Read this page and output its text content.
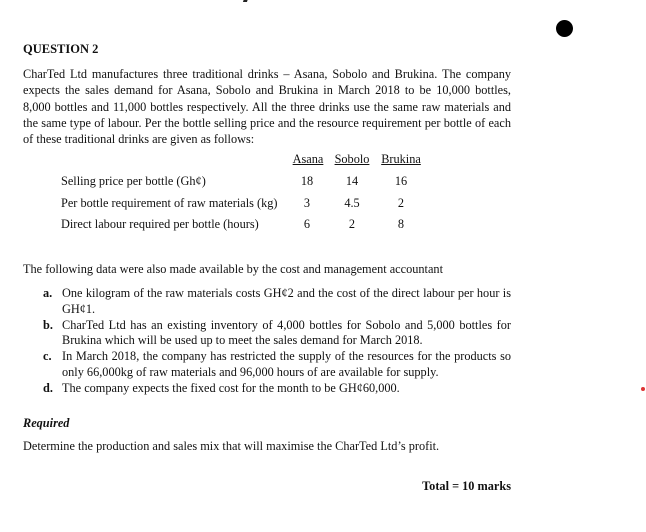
QUESTION 2
CharTed Ltd manufactures three traditional drinks – Asana, Sobolo and Brukina. The company expects the sales demand for Asana, Sobolo and Brukina in March 2018 to be 10,000 bottles, 8,000 bottles and 11,000 bottles respectively. All the three drinks use the same raw materials and the same type of labour. Per the bottle selling price and the resource requirement per bottle of each of these traditional drinks are given as follows:
Asana Sobolo Brukina
Selling price per bottle (Gh¢)	18	14	16
Per bottle requirement of raw materials (kg)	3	4.5	2
Direct labour required per bottle (hours)	6	2	8
The following data were also made available by the cost and management accountant
a. One kilogram of the raw materials costs GH¢2 and the cost of the direct labour per hour is GH¢1.
b. CharTed Ltd has an existing inventory of 4,000 bottles for Sobolo and 5,000 bottles for Brukina which will be used up to meet the sales demand for March 2018.
c. In March 2018, the company has restricted the supply of the resources for the products so only 66,000kg of raw materials and 96,000 hours of are available for supply.
d. The company expects the fixed cost for the month to be GH¢60,000.
Required
Determine the production and sales mix that will maximise the CharTed Ltd’s profit.
Total = 10 marks
